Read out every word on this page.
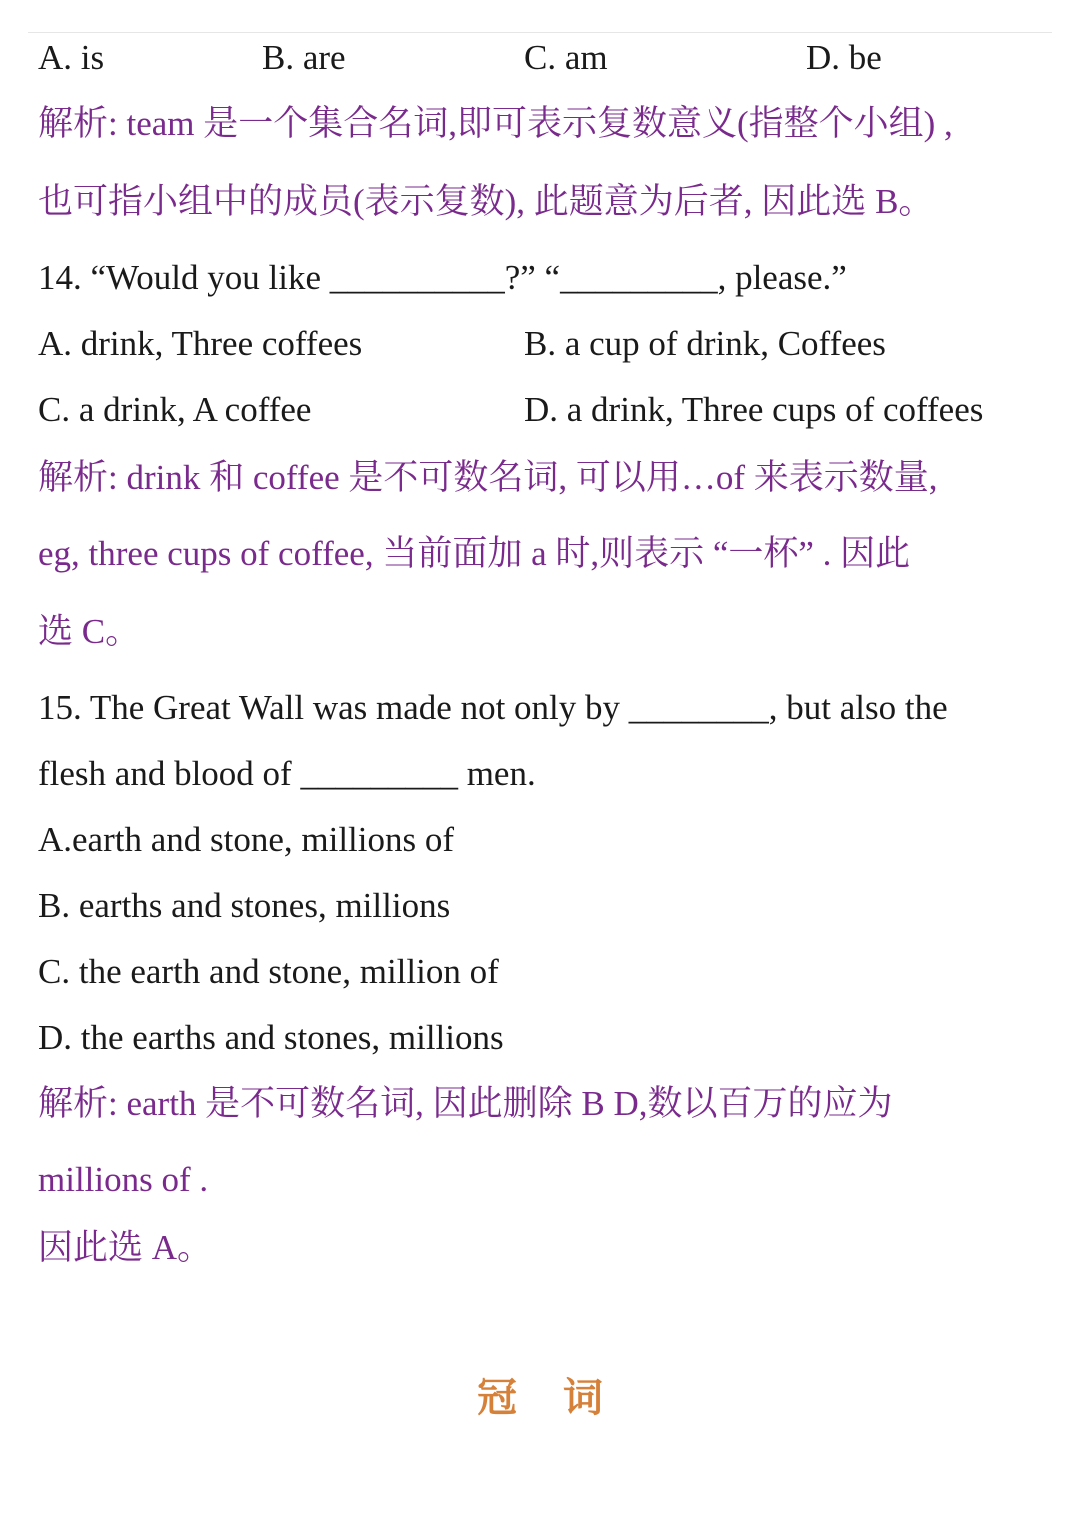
A. is	B. are	C. am	D. be
解析: team 是一个集合名词,即可表示复数意义(指整个小组) ,
也可指小组中的成员(表示复数), 此题意为后者, 因此选 B。
14. “Would you like __________?” “_________, please.”
A. drink, Three coffees	B. a cup of drink, Coffees
C. a drink, A coffee	D. a drink, Three cups of coffees
解析: drink 和 coffee 是不可数名词, 可以用…of 来表示数量,
eg, three cups of coffee, 当前面加 a 时,则表示 “一杯” . 因此
选 C。
15. The Great Wall was made not only by ________, but also the
flesh and blood of _________ men.
A.earth and stone, millions of
B. earths and stones, millions
C. the earth and stone, million of
D. the earths and stones, millions
解析: earth 是不可数名词, 因此删除 B D,数以百万的应为
millions of .
因此选 A。
冠词
